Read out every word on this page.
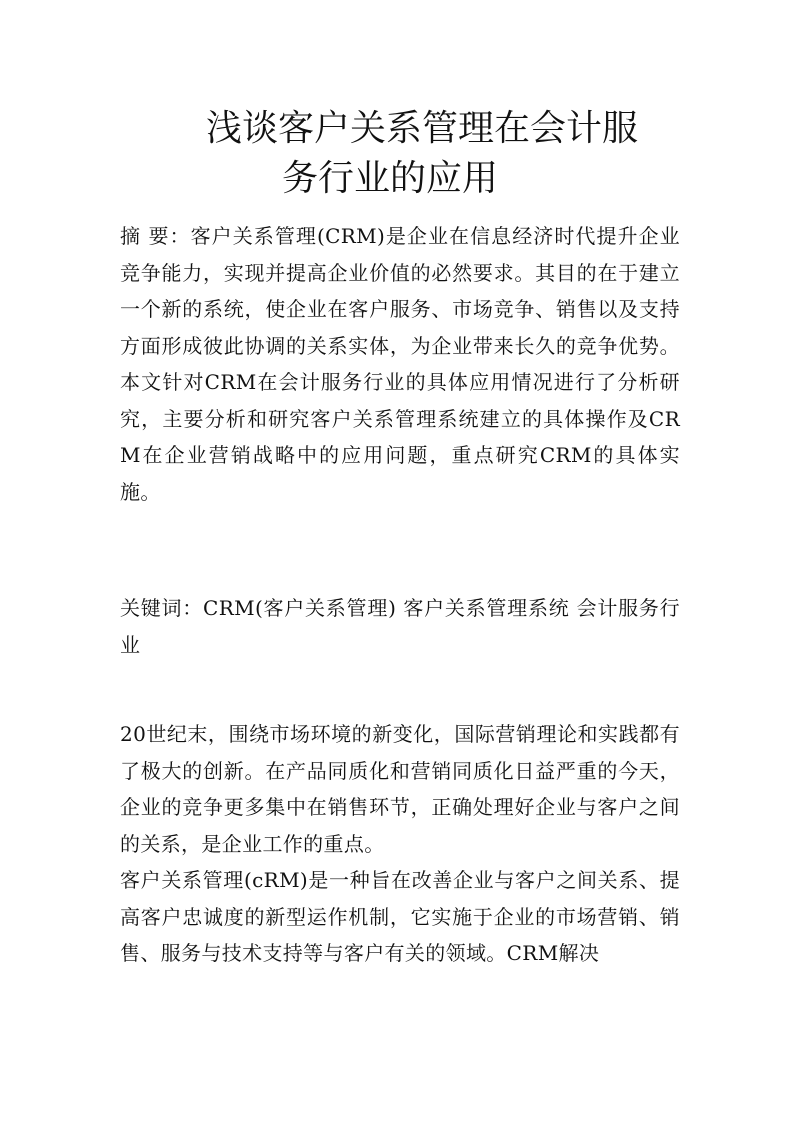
浅谈客户关系管理在会计服
务行业的应用

摘 要：客户关系管理(CRM)是企业在信息经济时代提升企业竞争能力，实现并提高企业价值的必然要求。其目的在于建立一个新的系统，使企业在客户服务、市场竞争、销售以及支持方面形成彼此协调的关系实体，为企业带来长久的竞争优势。本文针对CRM在会计服务行业的具体应用情况进行了分析研究，主要分析和研究客户关系管理系统建立的具体操作及CRM在企业营销战略中的应用问题，重点研究CRM的具体实施。

关键词：CRM(客户关系管理) 客户关系管理系统 会计服务行业

20世纪末，围绕市场环境的新变化，国际营销理论和实践都有了极大的创新。在产品同质化和营销同质化日益严重的今天，企业的竞争更多集中在销售环节，正确处理好企业与客户之间的关系，是企业工作的重点。

客户关系管理(cRM)是一种旨在改善企业与客户之间关系、提高客户忠诚度的新型运作机制，它实施于企业的市场营销、销售、服务与技术支持等与客户有关的领域。CRM解决
